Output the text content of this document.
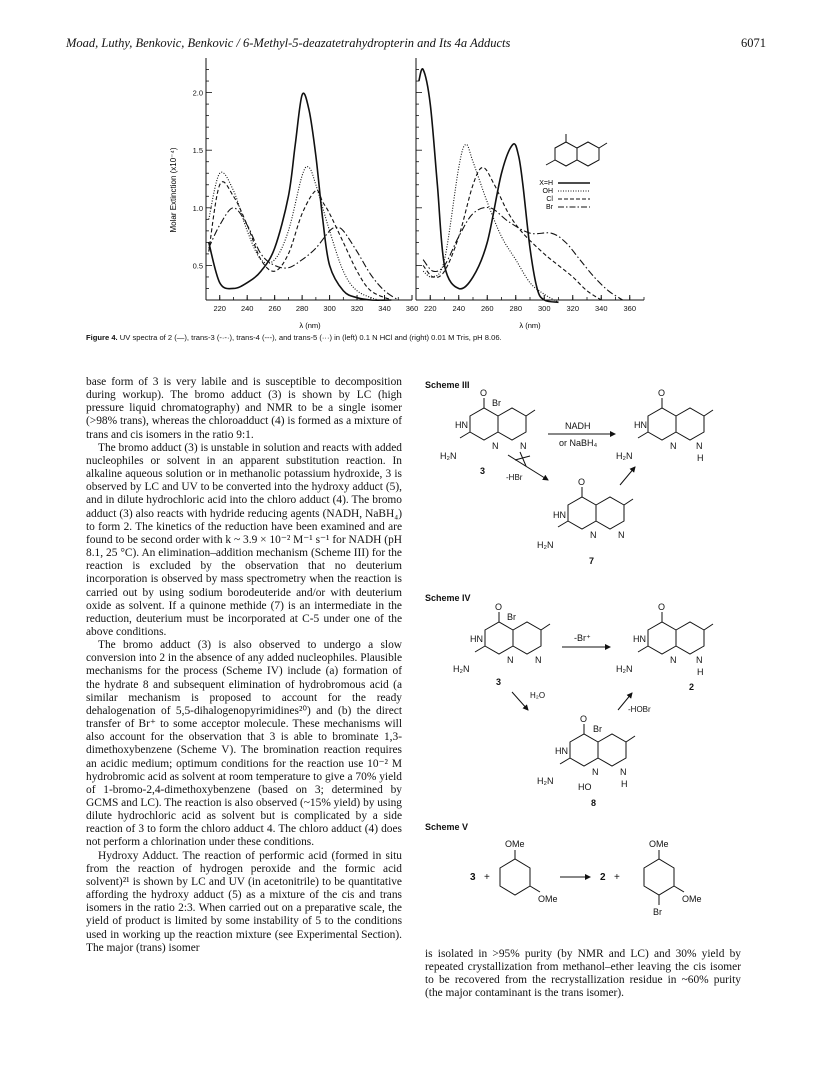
Moad, Luthy, Benkovic, Benkovic / 6-Methyl-5-deazatetrahydropterin and Its 4a Adducts	6071
220 240 260 280 300 320 340 360
0.5
1.0
1.5
2.0
220 240 260 280 300 320 340 360
Molar Extinction (x10⁻⁴)
λ (nm)	λ (nm)
X=H
OH
Cl
Br
Figure 4. UV spectra of 2 (—), trans-3 (-·-·), trans-4 (---), and trans-5 (···) in (left) 0.1 N HCl and (right) 0.01 M Tris, pH 8.06.

base form of 3 is very labile and is susceptible to decomposition during workup). The bromo adduct (3) is shown by LC (high pressure liquid chromatography) and NMR to be a single isomer (>98% trans), whereas the chloroadduct (4) is formed as a mixture of trans and cis isomers in the ratio 9:1.

The bromo adduct (3) is unstable in solution and reacts with added nucleophiles or solvent in an apparent substitution reaction. In alkaline aqueous solution or in methanolic potassium hydroxide, 3 is observed by LC and UV to be converted into the hydroxy adduct (5), and in dilute hydrochloric acid into the chloro adduct (4). The bromo adduct (3) also reacts with hydride reducing agents (NADH, NaBH₄) to form 2. The kinetics of the reduction have been examined and are found to be second order with k ~ 3.9 × 10⁻² M⁻¹ s⁻¹ for NADH (pH 8.1, 25 °C). An elimination–addition mechanism (Scheme III) for the reaction is excluded by the observation that no deuterium incorporation is observed by mass spectrometry when the reaction is carried out by using sodium borodeuteride and/or with deuterium oxide as solvent. If a quinone methide (7) is an intermediate in the reduction, deuterium must be incorporated at C-5 under one of the above conditions.

The bromo adduct (3) is also observed to undergo a slow conversion into 2 in the absence of any added nucleophiles. Plausible mechanisms for the process (Scheme IV) include (a) formation of the hydrate 8 and subsequent elimination of hydrobromous acid (a similar mechanism is proposed to account for the ready dehalogenation of 5,5-dihalogenopyrimidines²⁰) and (b) the direct transfer of Br⁺ to some acceptor molecule. These mechanisms will also account for the observation that 3 is able to brominate 1,3-dimethoxybenzene (Scheme V). The bromination reaction requires an acidic medium; optimum conditions for the reaction use 10⁻² M hydrobromic acid as solvent at room temperature to give a 70% yield of 1-bromo-2,4-dimethoxybenzene (based on 3; determined by GCMS and LC). The reaction is also observed (~15% yield) by using dilute hydrochloric acid as solvent but is complicated by a side reaction of 3 to form the chloro adduct 4. The chloro adduct (4) does not perform a chlorination under these conditions.

Hydroxy Adduct. The reaction of performic acid (formed in situ from the reaction of hydrogen peroxide and the formic acid solvent)²¹ is shown by LC and UV (in acetonitrile) to be quantitative affording the hydroxy adduct (5) as a mixture of the cis and trans isomers in the ratio 2:3. When carried out on a preparative scale, the yield of product is limited by some instability of 5 to the conditions used in working up the reaction mixture (see Experimental Section). The major (trans) isomer

Scheme III
Scheme IV
Scheme V
O
Br
HN
H₂N
N N
3
NADH
or NaBH₄
O
HN
H₂N
N N
H
-HBr	O
HN
H₂N
N N
7
O
Br
HN
H₂N
N N
3
-Br⁺
O
HN
H₂N
N N
H
2
H₂O
-HOBr
O
Br
HN
H₂N
N N
H
HO
8
3 +
OMe
OMe
2 +
OMe
OMe
Br

is isolated in >95% purity (by NMR and LC) and 30% yield by repeated crystallization from methanol–ether leaving the cis isomer to be recovered from the recrystallization residue in ~60% purity (the major contaminant is the trans isomer).
